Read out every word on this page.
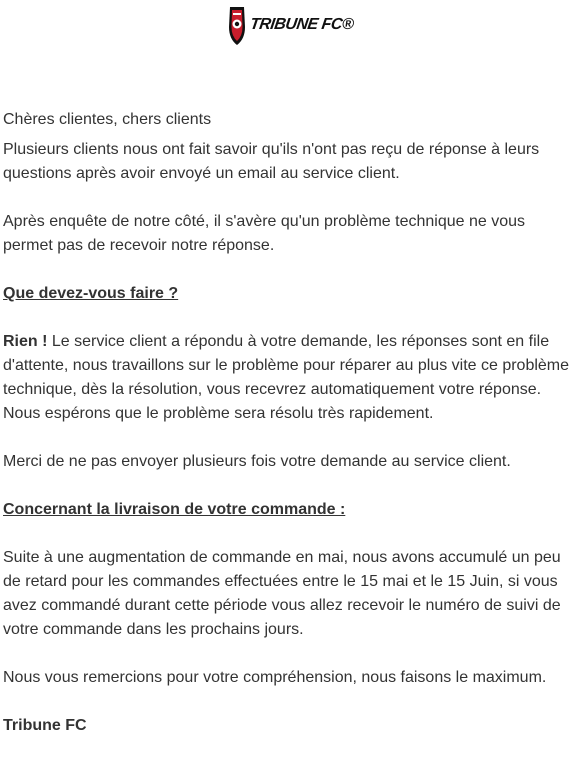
TRIBUNE FC®

Chères clientes, chers clients

Plusieurs clients nous ont fait savoir qu'ils n'ont pas reçu de réponse à leurs questions après avoir envoyé un email au service client.

Après enquête de notre côté, il s'avère qu'un problème technique ne vous permet pas de recevoir notre réponse.

Que devez-vous faire ?

Rien ! Le service client a répondu à votre demande, les réponses sont en file d'attente, nous travaillons sur le problème pour réparer au plus vite ce problème technique, dès la résolution, vous recevrez automatiquement votre réponse. Nous espérons que le problème sera résolu très rapidement.

Merci de ne pas envoyer plusieurs fois votre demande au service client.

Concernant la livraison de votre commande :

Suite à une augmentation de commande en mai, nous avons accumulé un peu de retard pour les commandes effectuées entre le 15 mai et le 15 Juin, si vous avez commandé durant cette période vous allez recevoir le numéro de suivi de votre commande dans les prochains jours.

Nous vous remercions pour votre compréhension, nous faisons le maximum.

Tribune FC
